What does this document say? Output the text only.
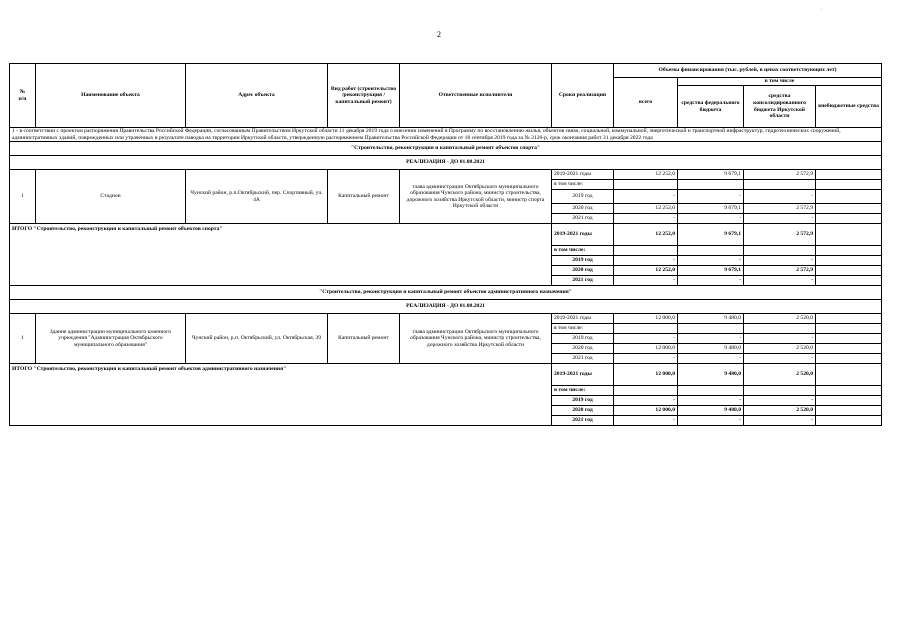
·
2
№
п/п	Наименование объекта	Адрес объекта	Вид работ (строительство /реконструкция /капитальный ремонт)	Ответственные исполнители	Сроки реализации	Объемы финансирования (тыс. рублей, в ценах соответствующих лет)			
						всего	в том числе		
							средства федерального бюджета	средства консолидированного бюджета Иркутской области	внебюджетные средства
1 - в соответствии с проектом распоряжения Правительства Российской Федерации, согласованным Правительством Иркутской области 11 декабря 2019 года о внесении изменений в Программу по восстановлению жилья, объектов связи, социальной, коммунальной, энергетической и транспортной инфраструктур, гидротехнических сооружений, административных зданий, поврежденных или утраченных в результате паводка на территории Иркутской области, утвержденную распоряжением Правительства Российской Федерации от 18 сентября 2019 года за № 2126-р, срок окончания работ 31 декабря 2022 года									
"Строительство, реконструкция и капитальный ремонт объектов спорта"									
РЕАЛИЗАЦИЯ - ДО 01.08.2021									
1	Стадион	Чунский район, р.п.Октябрьский, пер. Спортивный, уч. 4А	Капитальный ремонт	глава администрации Октябрьского муниципального образования Чунского района, министр строительства, дорожного хозяйства Иркутской области, министр спорта Иркутской области	2019-2021 годы	12 252,0	9 679,1	2 572,9	
					в том числе:				
					2019 год	-	-	-	
					2020 год	12 252,0	9 679,1	2 572,9	
					2021 год	-	-	-	
ИТОГО "Строительство, реконструкция и капитальный ремонт объектов спорта"					2019-2021 годы	12 252,0	9 679,1	2 572,9	
					в том числе:				
					2019 год	-	-	-	
					2020 год	12 252,0	9 679,1	2 572,9	
					2021 год	-	-	-	
"Строительство, реконструкция и капитальный ремонт объектов административного назначения"									
РЕАЛИЗАЦИЯ - ДО 01.08.2021									
1	Здание администрации муниципального казенного учреждения "Администрация Октябрьского муниципального образования"	Чунский район, р.п. Октябрьский, ул. Октябрьская, 39	Капитальный ремонт	глава администрации Октябрьского муниципального образования Чунского района, министр строительства, дорожного хозяйства Иркутской области	2019-2021 годы	12 000,0	9 480,0	2 520,0	
					в том числе:				
					2019 год	-	-	-	
					2020 год	12 000,0	9 480,0	2 520,0	
					2021 год	-	-	-	
ИТОГО "Строительство, реконструкция и капитальный ремонт объектов административного назначения"					2019-2021 годы	12 000,0	9 480,0	2 520,0	
					в том числе:				
					2019 год	-	-	-	
					2020 год	12 000,0	9 480,0	2 520,0	
					2021 год	-	-	-	
